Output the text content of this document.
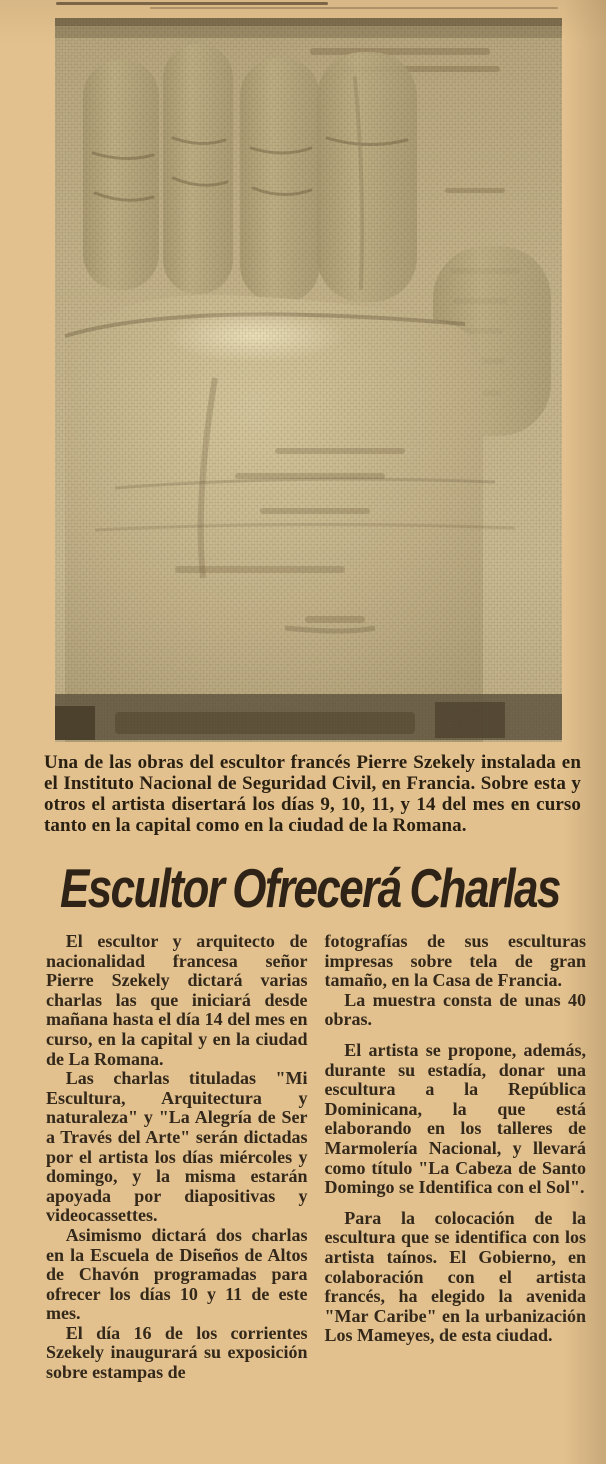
Una de las obras del escultor francés Pierre Szekely instalada en el Instituto Nacional de Seguridad Civil, en Francia. Sobre esta y otros el artista disertará los días 9, 10, 11, y 14 del mes en curso tanto en la capital como en la ciudad de la Romana.

Escultor Ofrecerá Charlas

El escultor y arquitecto de nacionalidad francesa señor Pierre Szekely dictará varias charlas las que iniciará desde mañana hasta el día 14 del mes en curso, en la capital y en la ciudad de La Romana.

Las charlas tituladas "Mi Escultura, Arquitectura y naturaleza" y "La Alegría de Ser a Través del Arte" serán dictadas por el artista los días miércoles y domingo, y la misma estarán apoyada por diapositivas y videocassettes.

Asimismo dictará dos charlas en la Escuela de Diseños de Altos de Chavón programadas para ofrecer los días 10 y 11 de este mes.

El día 16 de los corrientes Szekely inaugurará su exposición sobre estampas de

fotografías de sus esculturas impresas sobre tela de gran tamaño, en la Casa de Francia.

La muestra consta de unas 40 obras.

El artista se propone, además, durante su estadía, donar una escultura a la República Dominicana, la que está elaborando en los talleres de Marmolería Nacional, y llevará como título "La Cabeza de Santo Domingo se Identifica con el Sol".

Para la colocación de la escultura que se identifica con los artista taínos. El Gobierno, en colaboración con el artista francés, ha elegido la avenida "Mar Caribe" en la urbanización Los Mameyes, de esta ciudad.
